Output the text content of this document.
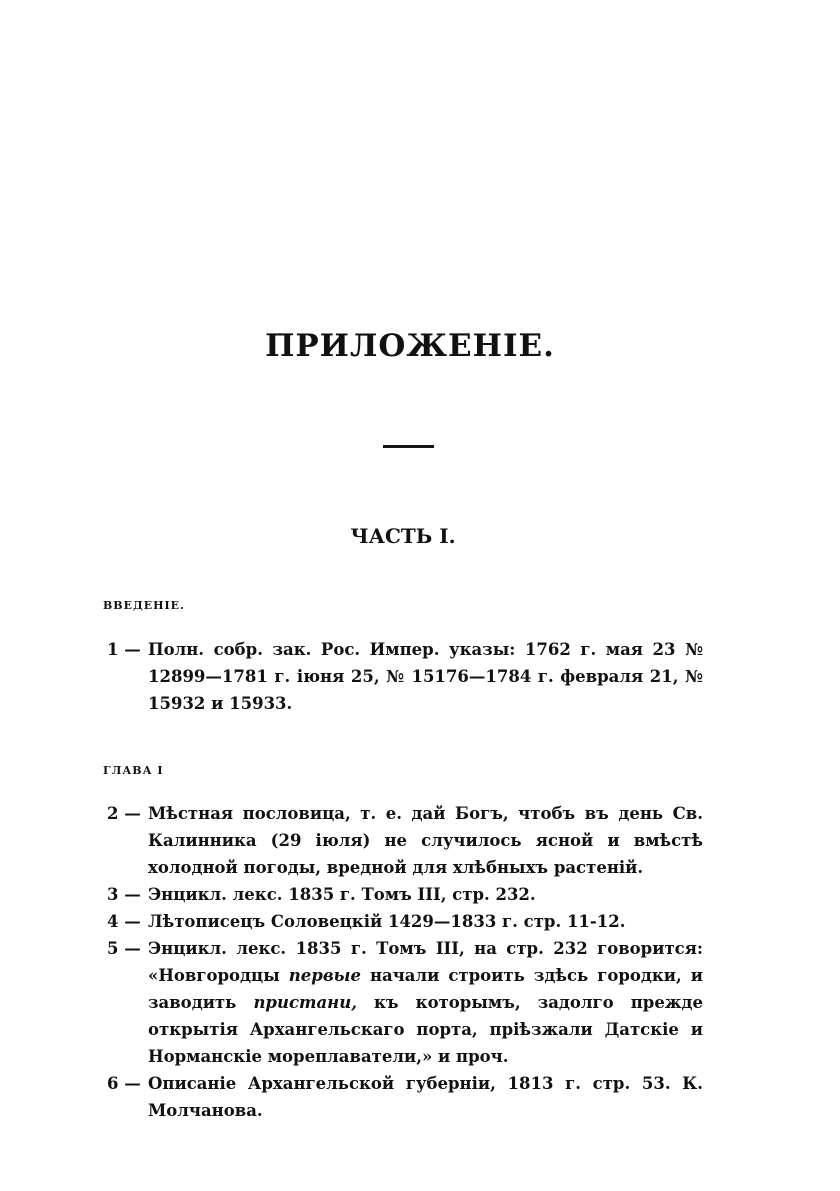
ПРИЛОЖЕНІЕ.
ЧАСТЬ I.
ВВЕДЕНІЕ.
1 — Полн. собр. зак. Рос. Импер. указы: 1762 г. мая 23 № 12899—1781 г. іюня 25, № 15176—1784 г. февраля 21, № 15932 и 15933.
ГЛАВА I
2 — Мѣстная пословица, т. е. дай Богъ, чтобъ въ день Св. Калинника (29 іюля) не случилось ясной и вмѣстѣ холодной погоды, вредной для хлѣбныхъ растеній.
3 — Энцикл. лекс. 1835 г. Томъ III, стр. 232.
4 — Лѣтописецъ Соловецкій 1429—1833 г. стр. 11-12.
5 — Энцикл. лекс. 1835 г. Томъ III, на стр. 232 говорится: «Новгородцы первые начали строить здѣсь городки, и заводить пристани, къ которымъ, задолго прежде открытія Архангельскаго порта, пріѣзжали Датскіе и Норманскіе мореплаватели,» и проч.
6 — Описаніе Архангельской губерніи, 1813 г. стр. 53. К. Молчанова.
